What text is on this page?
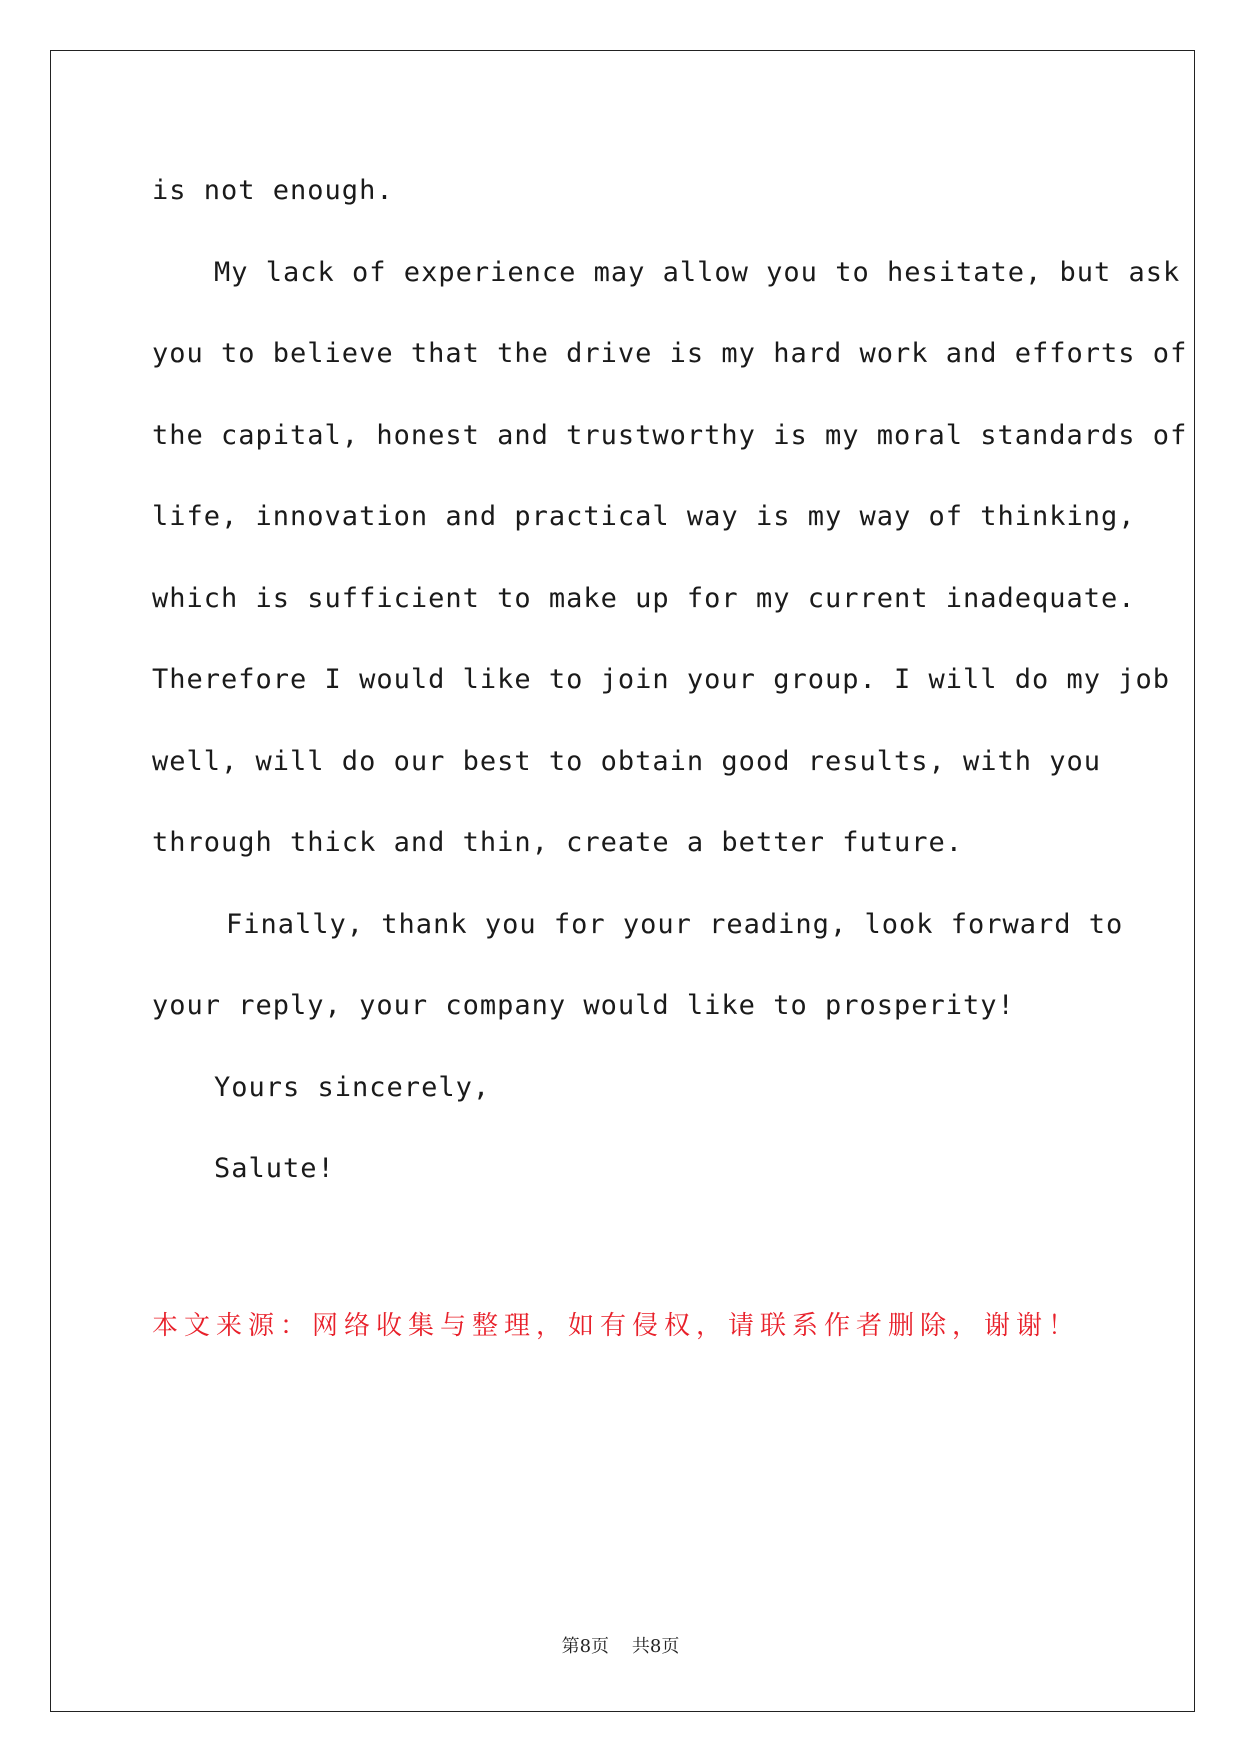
is not enough.
My lack of experience may allow you to hesitate, but ask
you to believe that the drive is my hard work and efforts of
the capital, honest and trustworthy is my moral standards of
life, innovation and practical way is my way of thinking,
which is sufficient to make up for my current inadequate.
Therefore I would like to join your group. I will do my job
well, will do our best to obtain good results, with you
through thick and thin, create a better future.
Finally, thank you for your reading, look forward to
your reply, your company would like to prosperity!
Yours sincerely,
Salute!
本文来源：网络收集与整理，如有侵权，请联系作者删除，谢谢！
第8页    共8页
